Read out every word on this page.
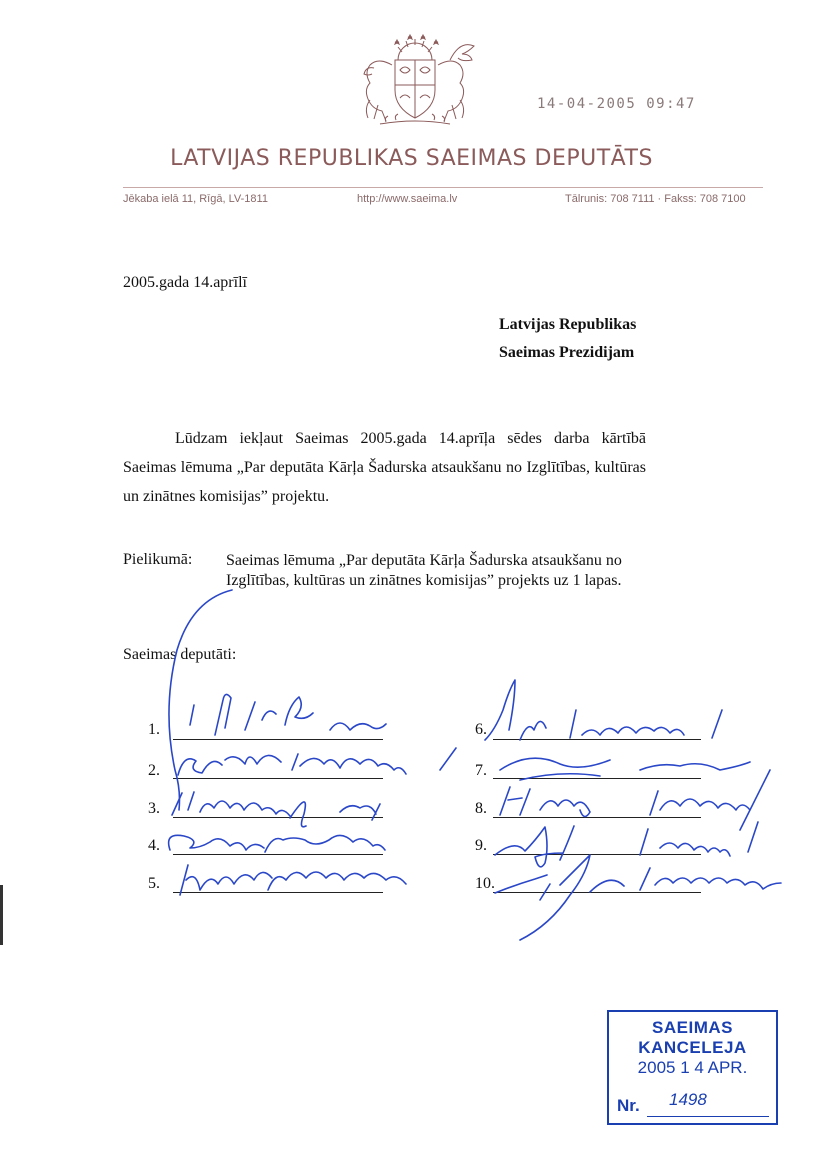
14-04-2005 09:47
LATVIJAS REPUBLIKAS SAEIMAS DEPUTĀTS
Jēkaba ielā 11, Rīgā, LV-1811	http://www.saeima.lv	Tālrunis: 708 7111 · Fakss: 708 7100
2005.gada 14.aprīlī
Latvijas Republikas
Saeimas Prezidijam
Lūdzam iekļaut Saeimas 2005.gada 14.aprīļa sēdes darba kārtībā Saeimas lēmuma „Par deputāta Kārļa Šadurska atsaukšanu no Izglītības, kultūras un zinātnes komisijas” projektu.
Pielikumā: Saeimas lēmuma „Par deputāta Kārļa Šadurska atsaukšanu no Izglītības, kultūras un zinātnes komisijas” projekts uz 1 lapas.
Saeimas deputāti:
1.
2.
3.
4.
5.
6.
7.
8.
9.
10.
SAEIMAS KANCELEJA
2005 1 4 APR.
Nr. 1498
